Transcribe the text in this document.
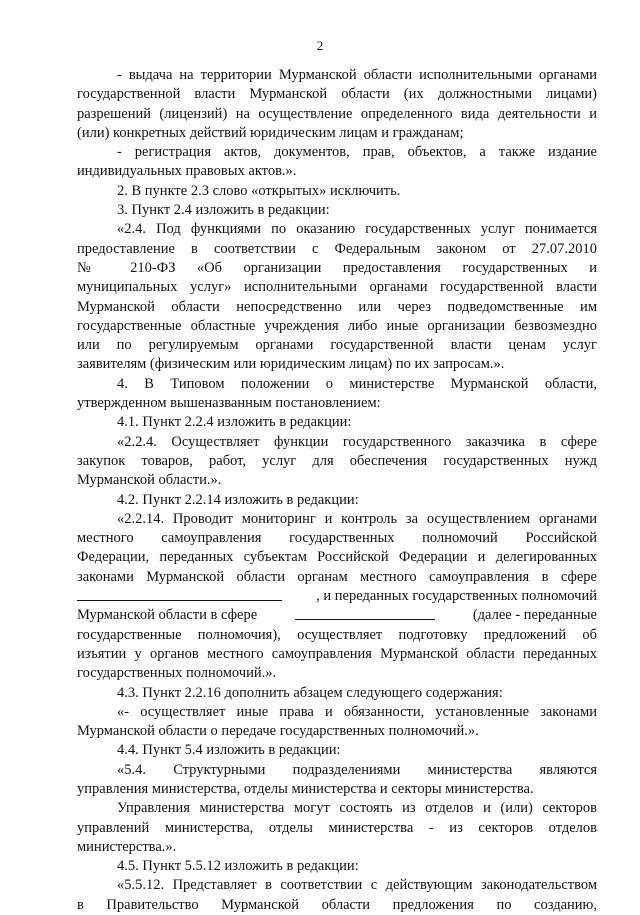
2
- выдача на территории Мурманской области исполнительными органами
государственной власти Мурманской области (их должностными лицами)
разрешений (лицензий) на осуществление определенного вида деятельности и
(или) конкретных действий юридическим лицам и гражданам;
- регистрация актов, документов, прав, объектов, а также издание
индивидуальных правовых актов.».
2. В пункте 2.3 слово «открытых» исключить.
3. Пункт 2.4 изложить в редакции:
«2.4. Под функциями по оказанию государственных услуг понимается
предоставление в соответствии с Федеральным законом от 27.07.2010
№ 210-ФЗ «Об организации предоставления государственных и
муниципальных услуг» исполнительными органами государственной власти
Мурманской области непосредственно или через подведомственные им
государственные областные учреждения либо иные организации безвозмездно
или по регулируемым органами государственной власти ценам услуг
заявителям (физическим или юридическим лицам) по их запросам.».
4. В Типовом положении о министерстве Мурманской области,
утвержденном вышеназванным постановлением:
4.1. Пункт 2.2.4 изложить в редакции:
«2.2.4. Осуществляет функции государственного заказчика в сфере
закупок товаров, работ, услуг для обеспечения государственных нужд
Мурманской области.».
4.2. Пункт 2.2.14 изложить в редакции:
«2.2.14. Проводит мониторинг и контроль за осуществлением органами
местного самоуправления государственных полномочий Российской
Федерации, переданных субъектам Российской Федерации и делегированных
законами Мурманской области органам местного самоуправления в сфере
, и переданных государственных полномочий
Мурманской области в сфере	(далее - переданные
государственные полномочия), осуществляет подготовку предложений об
изъятии у органов местного самоуправления Мурманской области переданных
государственных полномочий.».
4.3. Пункт 2.2.16 дополнить абзацем следующего содержания:
«- осуществляет иные права и обязанности, установленные законами
Мурманской области о передаче государственных полномочий.».
4.4. Пункт 5.4 изложить в редакции:
«5.4. Структурными подразделениями министерства являются
управления министерства, отделы министерства и секторы министерства.
Управления министерства могут состоять из отделов и (или) секторов
управлений министерства, отделы министерства - из секторов отделов
министерства.».
4.5. Пункт 5.5.12 изложить в редакции:
«5.5.12. Представляет в соответствии с действующим законодательством
в Правительство Мурманской области предложения по созданию,
